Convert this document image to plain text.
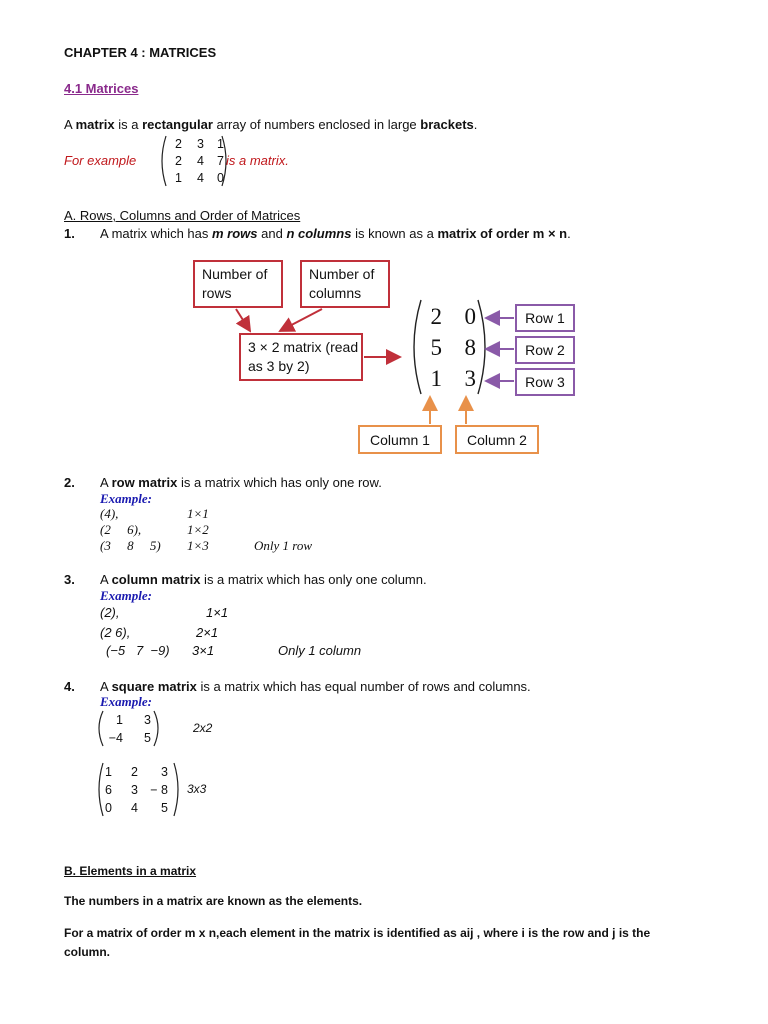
CHAPTER 4 : MATRICES
4.1 Matrices
A matrix is a rectangular array of numbers enclosed in large brackets.
For example
2	3	1
2	4	7
1	4	0
is a matrix.
A. Rows, Columns and Order of Matrices
1. A matrix which has m rows and n columns is known as a matrix of order m × n.
Number of rows
Number of columns
3 × 2 matrix (read as 3 by 2)
2 0
5 8
1 3
Row 1
Row 2
Row 3
Column 1	Column 2
2. A row matrix is a matrix which has only one row.
Example:
(4),	1×1
(2     6),	1×2
(3     8     5) 1×3	Only 1 row
3. A column matrix is a matrix which has only one column.
Example:
(2),	1×1
(2 6),	2×1
(−5   7  −9) 3×1	Only 1 column
4. A square matrix is a matrix which has equal number of rows and columns.
Example:
1	3
−4	5
2x2
1	2	3
6	3 − 8
0	4	5
3x3
B. Elements in a matrix
The numbers in a matrix are known as the elements.
For a matrix of order m x n,each element in the matrix is identified as aij , where i is the row and j is the
column.
